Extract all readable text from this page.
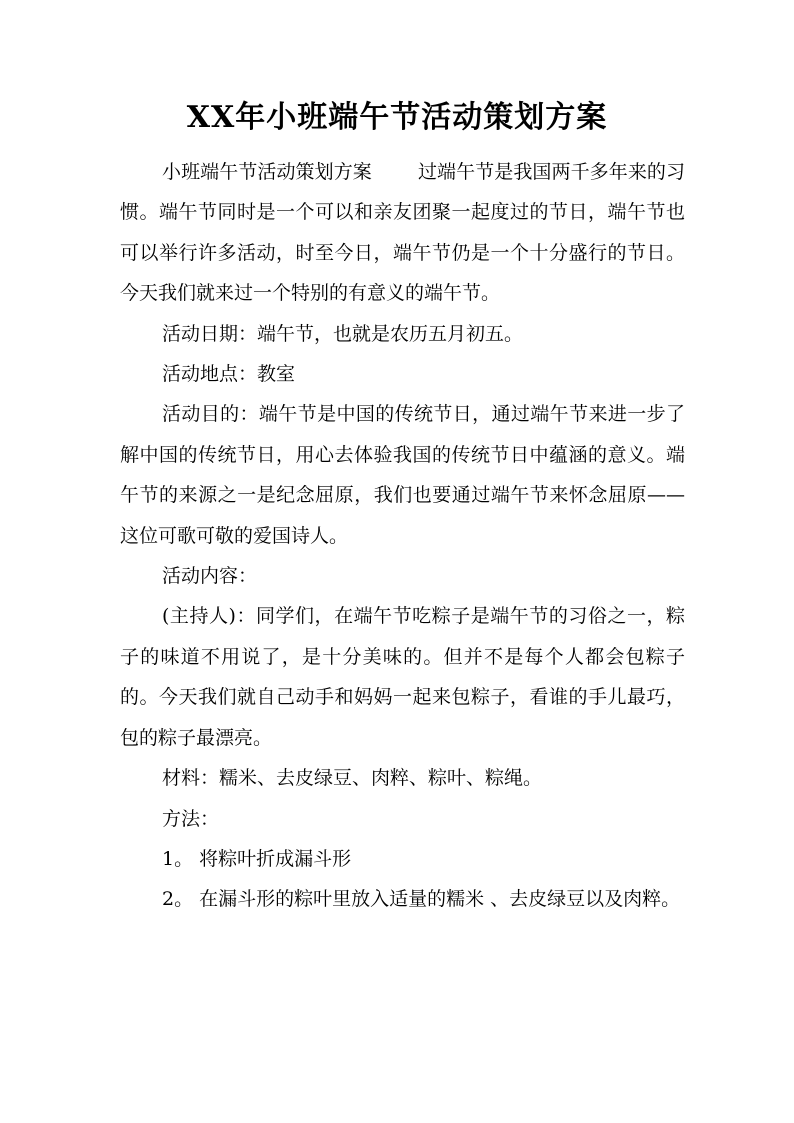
XX年小班端午节活动策划方案

小班端午节活动策划方案 过端午节是我国两千多年来的习惯。端午节同时是一个可以和亲友团聚一起度过的节日，端午节也可以举行许多活动，时至今日，端午节仍是一个十分盛行的节日。今天我们就来过一个特别的有意义的端午节。

活动日期：端午节，也就是农历五月初五。

活动地点：教室

活动目的：端午节是中国的传统节日，通过端午节来进一步了解中国的传统节日，用心去体验我国的传统节日中蕴涵的意义。端午节的来源之一是纪念屈原，我们也要通过端午节来怀念屈原——这位可歌可敬的爱国诗人。

活动内容：

(主持人)：同学们，在端午节吃粽子是端午节的习俗之一，粽子的味道不用说了，是十分美味的。但并不是每个人都会包粽子的。今天我们就自己动手和妈妈一起来包粽子，看谁的手儿最巧，包的粽子最漂亮。

材料：糯米、去皮绿豆、肉粹、粽叶、粽绳。

方法：

1。 将粽叶折成漏斗形

2。 在漏斗形的粽叶里放入适量的糯米 、去皮绿豆以及肉粹。
